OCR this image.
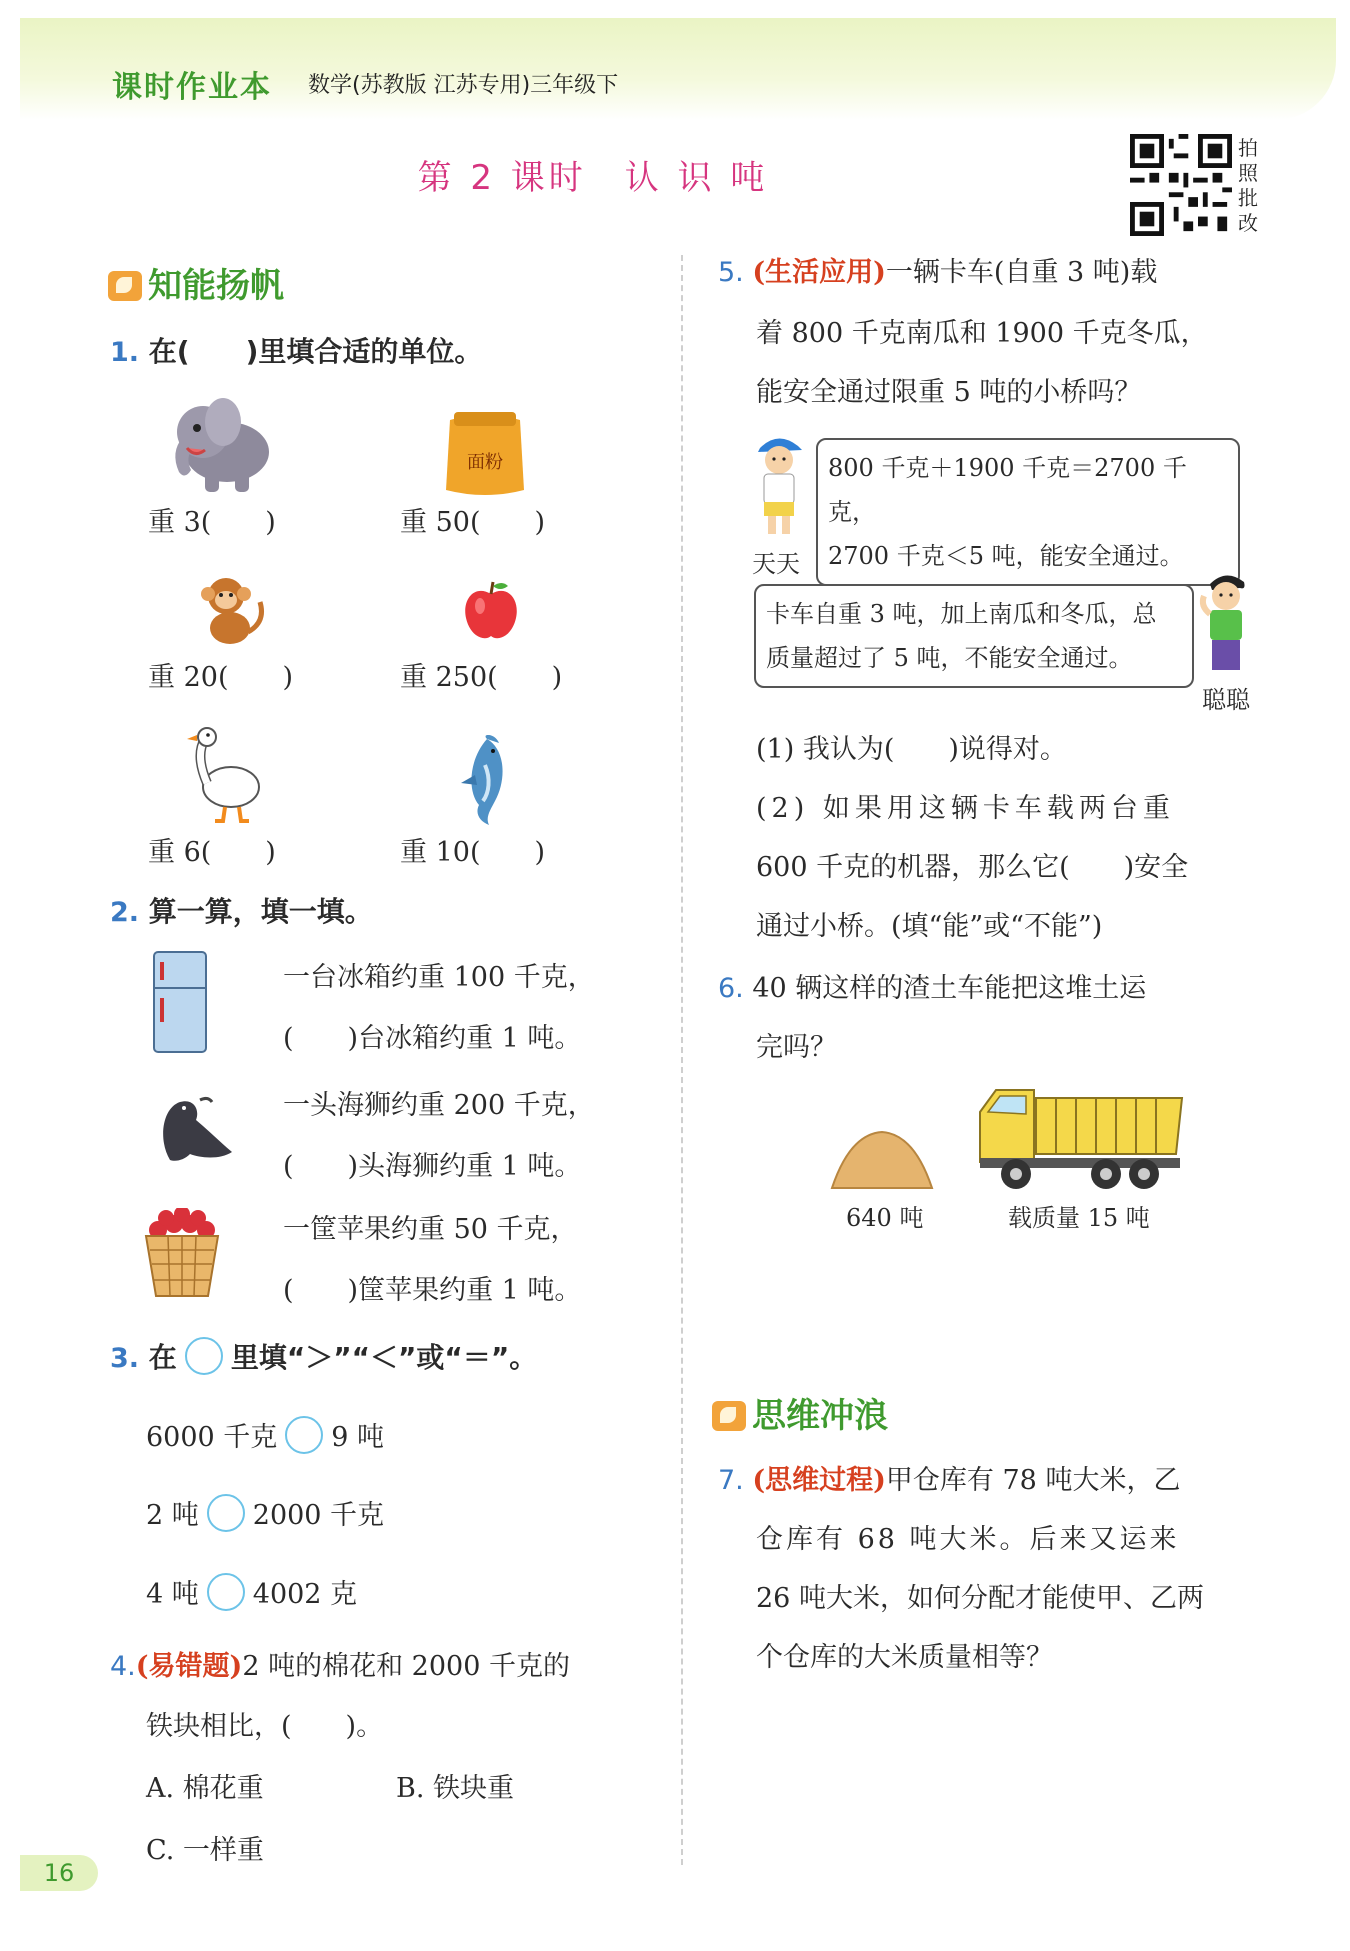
课时作业本 数学(苏教版 江苏专用)三年级下
第 2 课时　认 识 吨
拍照批改
知能扬帆
1. 在(　　)里填合适的单位。
重 3(　　)
面粉
重 50(　　)
重 20(　　)	重 250(　　)
重 6(　　)	重 10(　　)
2. 算一算，填一填。
一台冰箱约重 100 千克，
(　　)台冰箱约重 1 吨。
一头海狮约重 200 千克，
(　　)头海狮约重 1 吨。
一筐苹果约重 50 千克，
(　　)筐苹果约重 1 吨。
3. 在 里填“＞”“＜”或“＝”。
6000 千克 9 吨
2 吨 2000 千克
4 吨 4002 克
4.(易错题)2 吨的棉花和 2000 千克的
铁块相比，(　　)。
A. 棉花重	B. 铁块重
C. 一样重
5. (生活应用)一辆卡车(自重 3 吨)载
着 800 千克南瓜和 1900 千克冬瓜，
能安全通过限重 5 吨的小桥吗？
天天
800 千克＋1900 千克＝2700 千克，
2700 千克＜5 吨，能安全通过。
卡车自重 3 吨，加上南瓜和冬瓜，总
质量超过了 5 吨，不能安全通过。
聪聪
(1) 我认为(　　)说得对。
(2) 如果用这辆卡车载两台重
600 千克的机器，那么它(　　)安全
通过小桥。(填“能”或“不能”)
6. 40 辆这样的渣土车能把这堆土运
完吗？
640 吨	载质量 15 吨
思维冲浪
7. (思维过程)甲仓库有 78 吨大米，乙
仓库有 68 吨大米。后来又运来
26 吨大米，如何分配才能使甲、乙两
个仓库的大米质量相等？
16
